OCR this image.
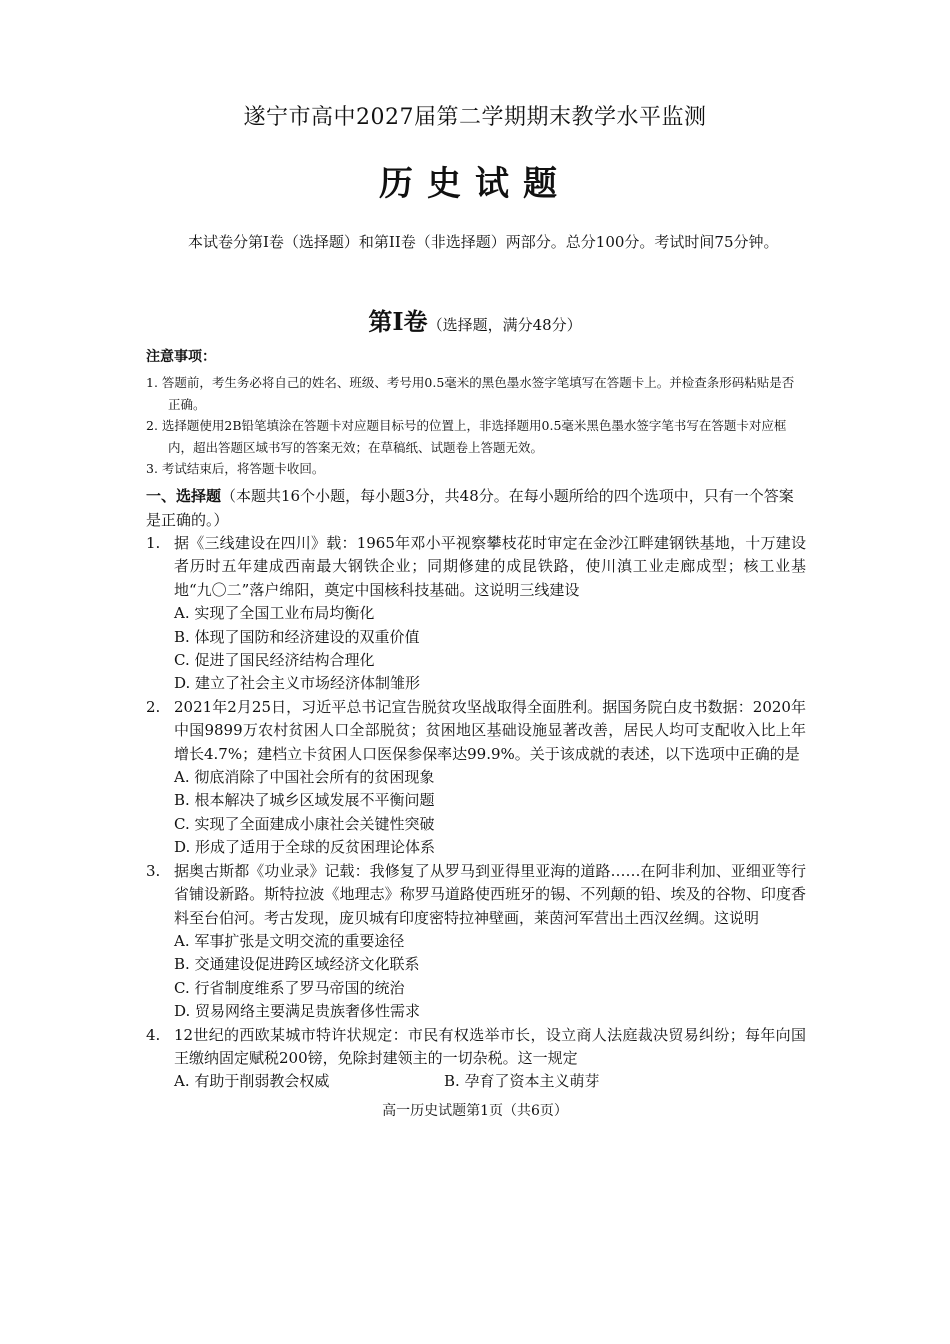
遂宁市高中2027届第二学期期末教学水平监测
历史试题
本试卷分第I卷（选择题）和第II卷（非选择题）两部分。总分100分。考试时间75分钟。
第Ⅰ卷（选择题，满分48分）
注意事项：
1. 答题前，考生务必将自己的姓名、班级、考号用0.5毫米的黑色墨水签字笔填写在答题卡上。并检查条形码粘贴是否正确。
2. 选择题使用2B铅笔填涂在答题卡对应题目标号的位置上，非选择题用0.5毫米黑色墨水签字笔书写在答题卡对应框内，超出答题区域书写的答案无效；在草稿纸、试题卷上答题无效。
3. 考试结束后，将答题卡收回。
一、选择题（本题共16个小题，每小题3分，共48分。在每小题所给的四个选项中，只有一个答案是正确的。）
1. 据《三线建设在四川》载：1965年邓小平视察攀枝花时审定在金沙江畔建钢铁基地，十万建设者历时五年建成西南最大钢铁企业；同期修建的成昆铁路，使川滇工业走廊成型；核工业基地“九〇二”落户绵阳，奠定中国核科技基础。这说明三线建设
A. 实现了全国工业布局均衡化
B. 体现了国防和经济建设的双重价值
C. 促进了国民经济结构合理化
D. 建立了社会主义市场经济体制雏形
2. 2021年2月25日，习近平总书记宣告脱贫攻坚战取得全面胜利。据国务院白皮书数据：2020年中国9899万农村贫困人口全部脱贫；贫困地区基础设施显著改善，居民人均可支配收入比上年增长4.7%；建档立卡贫困人口医保参保率达99.9%。关于该成就的表述，以下选项中正确的是
A. 彻底消除了中国社会所有的贫困现象
B. 根本解决了城乡区域发展不平衡问题
C. 实现了全面建成小康社会关键性突破
D. 形成了适用于全球的反贫困理论体系
3. 据奥古斯都《功业录》记载：我修复了从罗马到亚得里亚海的道路……在阿非利加、亚细亚等行省铺设新路。斯特拉波《地理志》称罗马道路使西班牙的锡、不列颠的铅、埃及的谷物、印度香料至台伯河。考古发现，庞贝城有印度密特拉神壁画，莱茵河军营出土西汉丝绸。这说明
A. 军事扩张是文明交流的重要途径
B. 交通建设促进跨区域经济文化联系
C. 行省制度维系了罗马帝国的统治
D. 贸易网络主要满足贵族奢侈性需求
4. 12世纪的西欧某城市特许状规定：市民有权选举市长，设立商人法庭裁决贸易纠纷；每年向国王缴纳固定赋税200镑，免除封建领主的一切杂税。这一规定
A. 有助于削弱教会权威	B. 孕育了资本主义萌芽
高一历史试题第1页（共6页）
